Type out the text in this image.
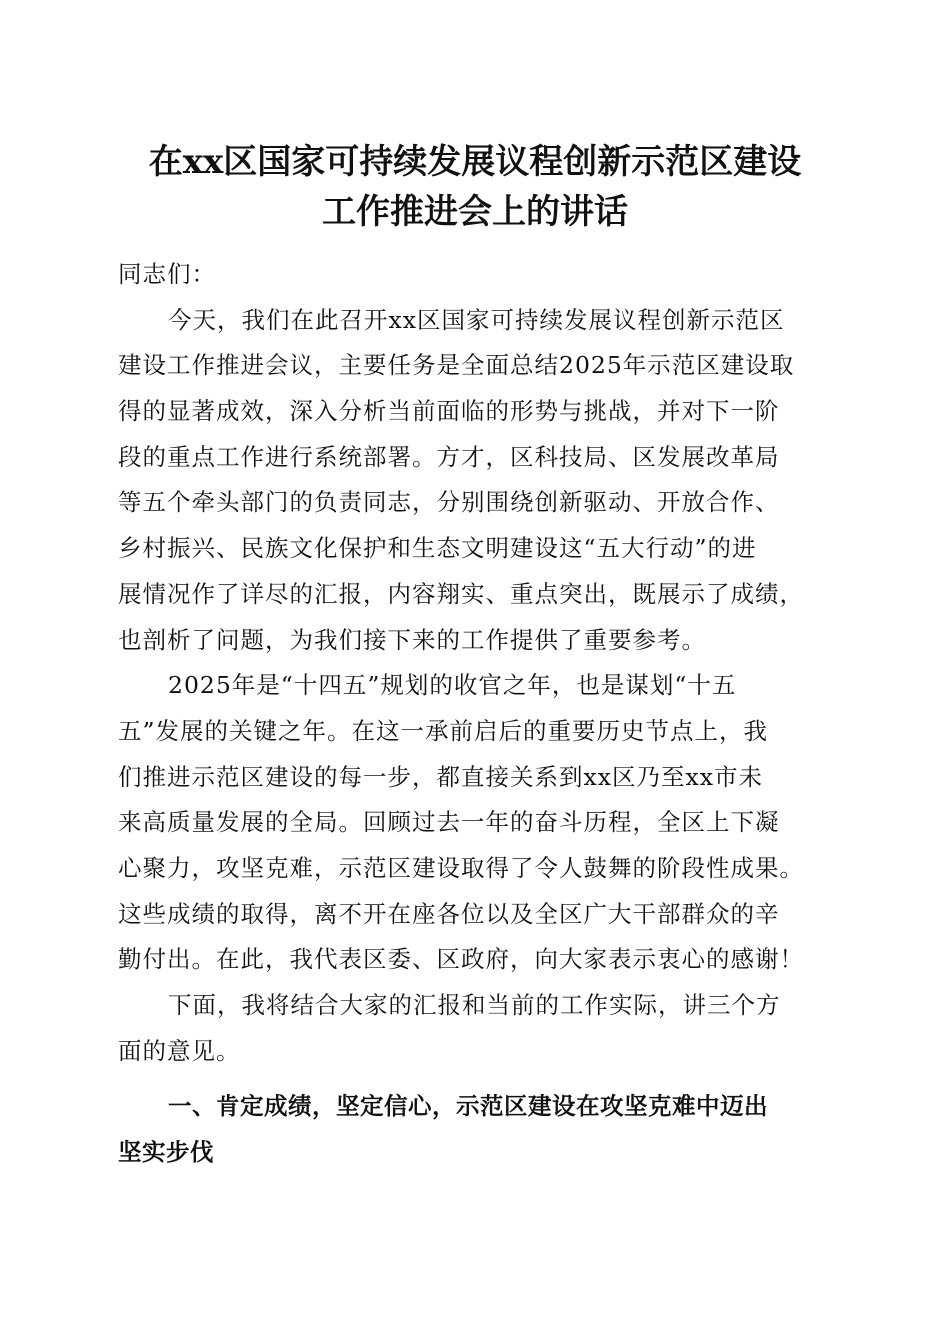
在xx区国家可持续发展议程创新示范区建设
工作推进会上的讲话
同志们：
今天，我们在此召开xx区国家可持续发展议程创新示范区
建设工作推进会议，主要任务是全面总结2025年示范区建设取
得的显著成效，深入分析当前面临的形势与挑战，并对下一阶
段的重点工作进行系统部署。方才，区科技局、区发展改革局
等五个牵头部门的负责同志，分别围绕创新驱动、开放合作、
乡村振兴、民族文化保护和生态文明建设这“五大行动”的进
展情况作了详尽的汇报，内容翔实、重点突出，既展示了成绩，
也剖析了问题，为我们接下来的工作提供了重要参考。
2025年是“十四五”规划的收官之年，也是谋划“十五
五”发展的关键之年。在这一承前启后的重要历史节点上，我
们推进示范区建设的每一步，都直接关系到xx区乃至xx市未
来高质量发展的全局。回顾过去一年的奋斗历程，全区上下凝
心聚力，攻坚克难，示范区建设取得了令人鼓舞的阶段性成果。
这些成绩的取得，离不开在座各位以及全区广大干部群众的辛
勤付出。在此，我代表区委、区政府，向大家表示衷心的感谢！
下面，我将结合大家的汇报和当前的工作实际，讲三个方
面的意见。
一、肯定成绩，坚定信心，示范区建设在攻坚克难中迈出
坚实步伐
